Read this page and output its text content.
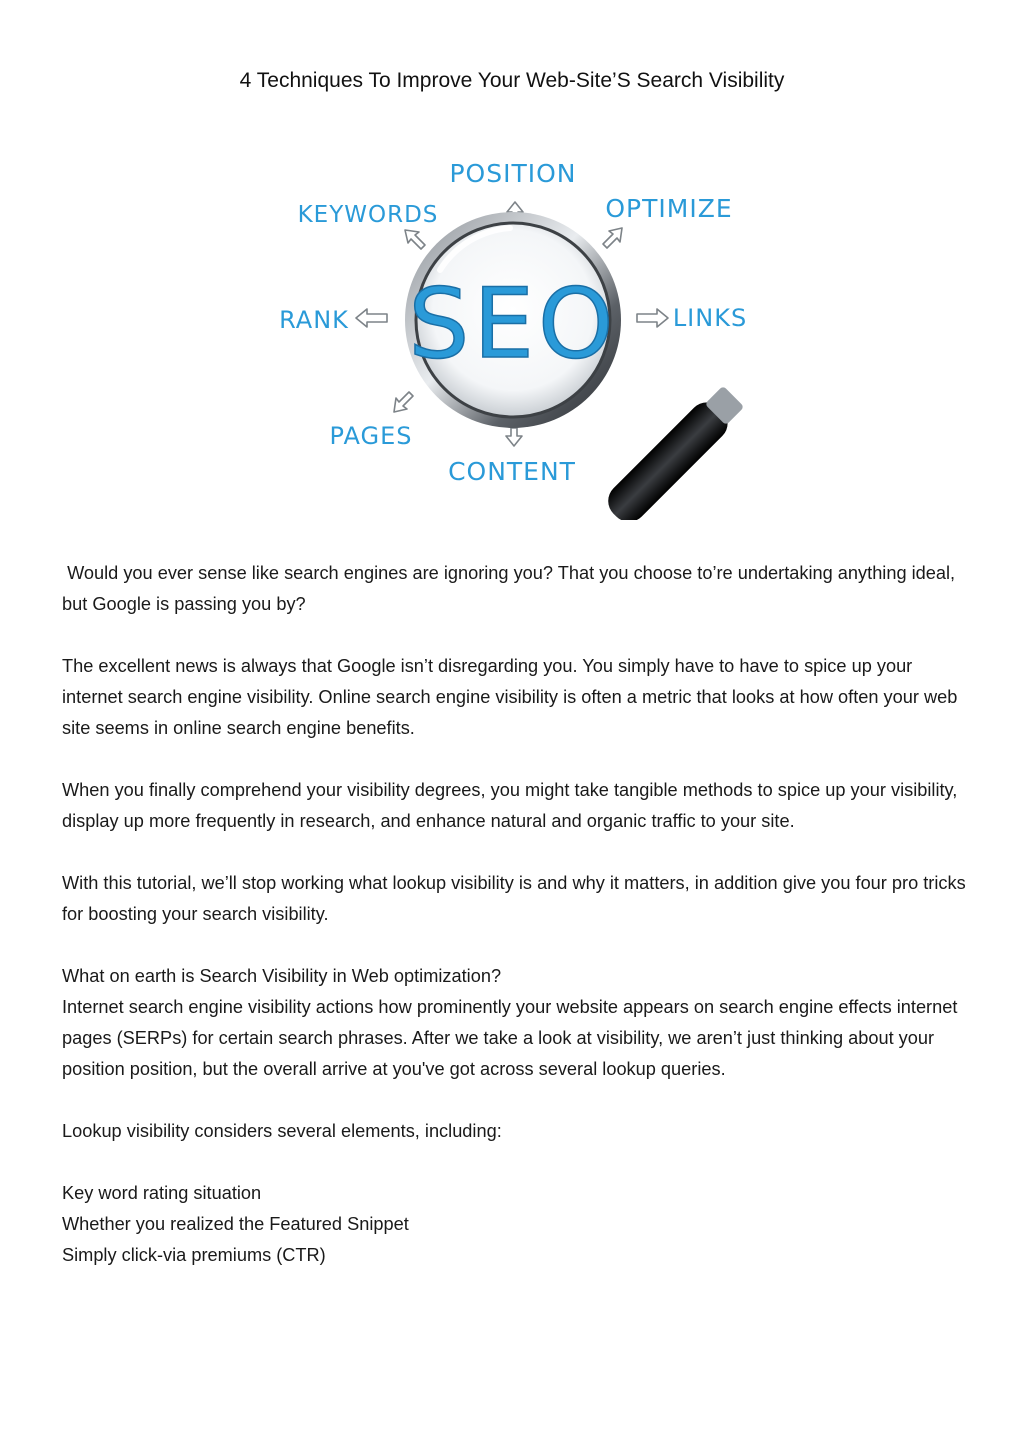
4 Techniques To Improve Your Web-Site’S Search Visibility
POSITION
KEYWORDS	OPTIMIZE
RANK	LINKS
PAGES
CONTENT
SEO

Would you ever sense like search engines are ignoring you? That you choose to’re undertaking anything ideal, but Google is passing you by?

The excellent news is always that Google isn’t disregarding you. You simply have to have to spice up your internet search engine visibility. Online search engine visibility is often a metric that looks at how often your web site seems in online search engine benefits.

When you finally comprehend your visibility degrees, you might take tangible methods to spice up your visibility, display up more frequently in research, and enhance natural and organic traffic to your site.

With this tutorial, we’ll stop working what lookup visibility is and why it matters, in addition give you four pro tricks for boosting your search visibility.

What on earth is Search Visibility in Web optimization?
Internet search engine visibility actions how prominently your website appears on search engine effects internet pages (SERPs) for certain search phrases. After we take a look at visibility, we aren’t just thinking about your position position, but the overall arrive at you've got across several lookup queries.

Lookup visibility considers several elements, including:

Key word rating situation
Whether you realized the Featured Snippet
Simply click-via premiums (CTR)
